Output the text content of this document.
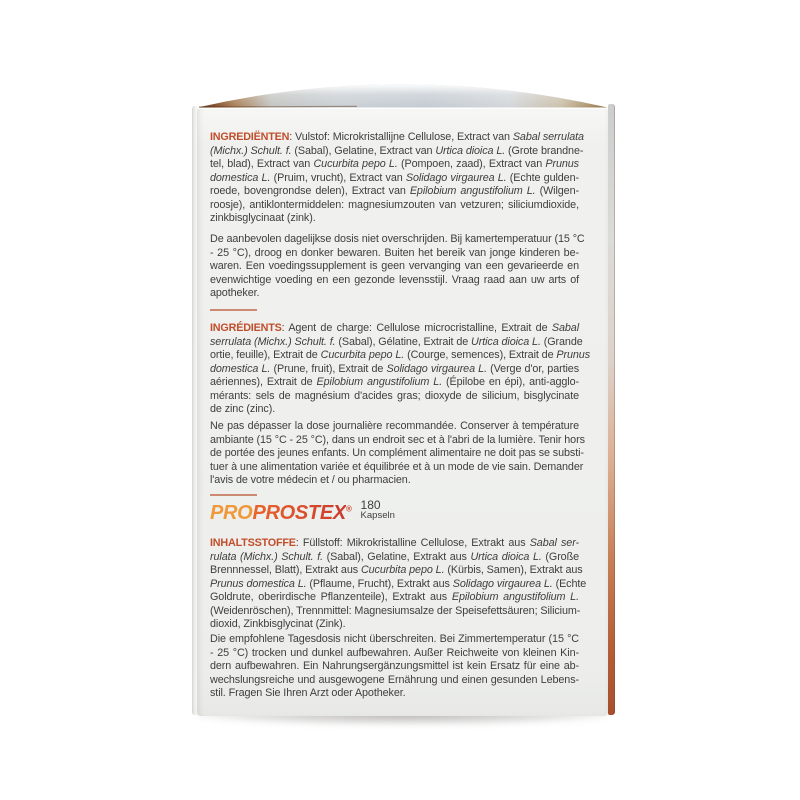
INGREDIËNTEN: Vulstof: Microkristallijne Cellulose, Extract van Sabal serrulata
(Michx.) Schult. f. (Sabal), Gelatine, Extract van Urtica dioica L. (Grote brandne-
tel, blad), Extract van Cucurbita pepo L. (Pompoen, zaad), Extract van Prunus
domestica L. (Pruim, vrucht), Extract van Solidago virgaurea L. (Echte gulden-
roede, bovengrondse delen), Extract van Epilobium angustifolium L. (Wilgen-
roosje), antiklontermiddelen: magnesiumzouten van vetzuren; siliciumdioxide,
zinkbisglycinaat (zink).
De aanbevolen dagelijkse dosis niet overschrijden. Bij kamertemperatuur (15 °C
- 25 °C), droog en donker bewaren. Buiten het bereik van jonge kinderen be-
waren. Een voedingssupplement is geen vervanging van een gevarieerde en
evenwichtige voeding en een gezonde levensstijl. Vraag raad aan uw arts of
apotheker.
INGRÉDIENTS: Agent de charge: Cellulose microcristalline, Extrait de Sabal
serrulata (Michx.) Schult. f. (Sabal), Gélatine, Extrait de Urtica dioica L. (Grande
ortie, feuille), Extrait de Cucurbita pepo L. (Courge, semences), Extrait de Prunus
domestica L. (Prune, fruit), Extrait de Solidago virgaurea L. (Verge d'or, parties
aériennes), Extrait de Epilobium angustifolium L. (Épilobe en épi), anti-agglo-
mérants: sels de magnésium d'acides gras; dioxyde de silicium, bisglycinate
de zinc (zinc).
Ne pas dépasser la dose journalière recommandée. Conserver à température
ambiante (15 °C - 25 °C), dans un endroit sec et à l'abri de la lumière. Tenir hors
de portée des jeunes enfants. Un complément alimentaire ne doit pas se substi-
tuer à une alimentation variée et équilibrée et à un mode de vie sain. Demander
l'avis de votre médecin et / ou pharmacien.
PROPROSTEX® 180
Kapseln
INHALTSSTOFFE: Füllstoff: Mikrokristalline Cellulose, Extrakt aus Sabal ser-
rulata (Michx.) Schult. f. (Sabal), Gelatine, Extrakt aus Urtica dioica L. (Große
Brennnessel, Blatt), Extrakt aus Cucurbita pepo L. (Kürbis, Samen), Extrakt aus
Prunus domestica L. (Pflaume, Frucht), Extrakt aus Solidago virgaurea L. (Echte
Goldrute, oberirdische Pflanzenteile), Extrakt aus Epilobium angustifolium L.
(Weidenröschen), Trennmittel: Magnesiumsalze der Speisefettsäuren; Silicium-
dioxid, Zinkbisglycinat (Zink).
Die empfohlene Tagesdosis nicht überschreiten. Bei Zimmertemperatur (15 °C
- 25 °C) trocken und dunkel aufbewahren. Außer Reichweite von kleinen Kin-
dern aufbewahren. Ein Nahrungsergänzungsmittel ist kein Ersatz für eine ab-
wechslungsreiche und ausgewogene Ernährung und einen gesunden Lebens-
stil. Fragen Sie Ihren Arzt oder Apotheker.
